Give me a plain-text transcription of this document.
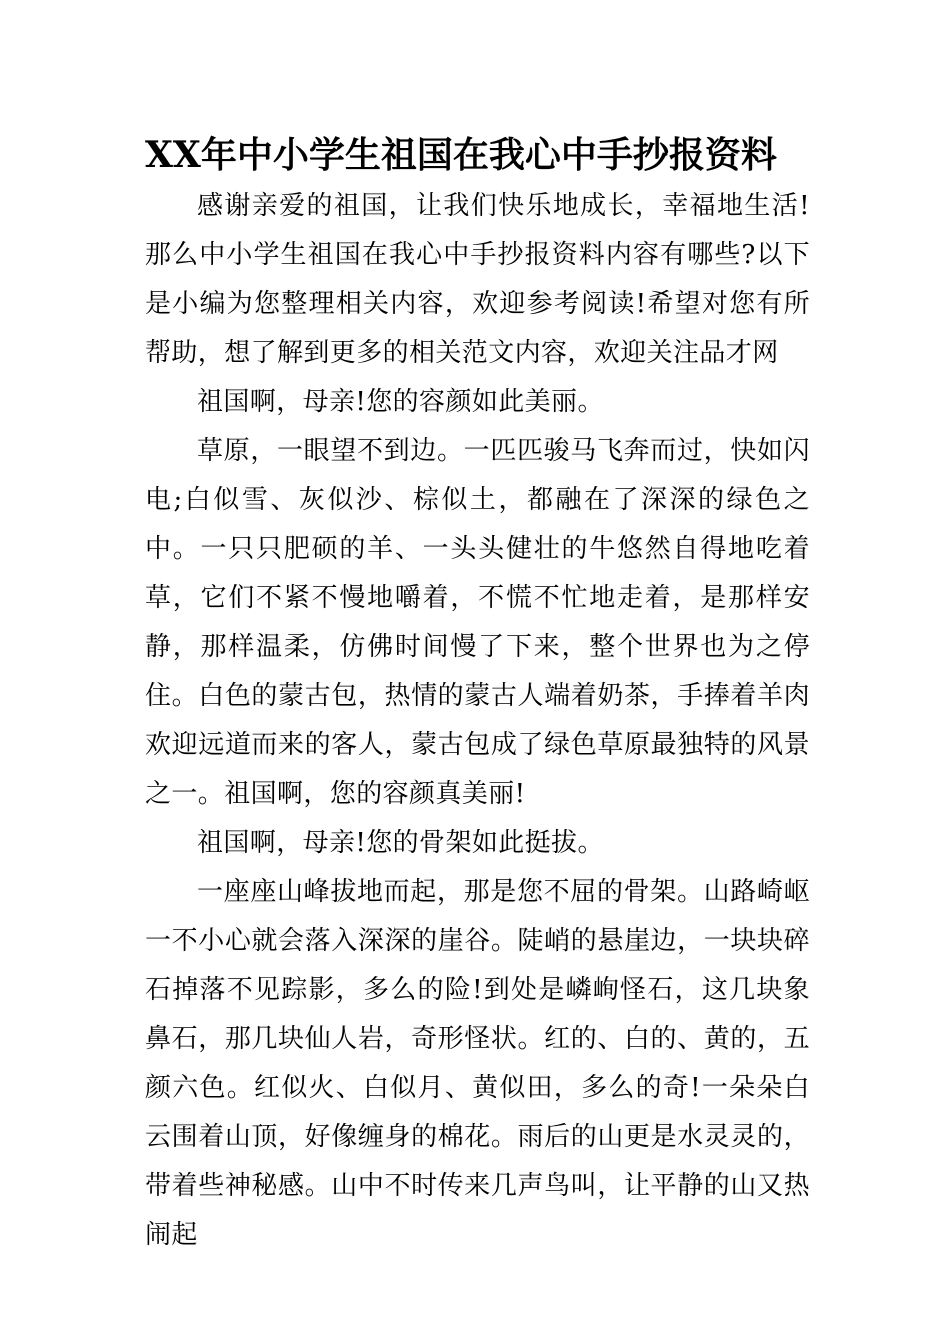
XX年中小学生祖国在我心中手抄报资料

感谢亲爱的祖国，让我们快乐地成长，幸福地生活!那么中小学生祖国在我心中手抄报资料内容有哪些?以下是小编为您整理相关内容，欢迎参考阅读!希望对您有所帮助，想了解到更多的相关范文内容，欢迎关注品才网

祖国啊，母亲!您的容颜如此美丽。

草原，一眼望不到边。一匹匹骏马飞奔而过，快如闪电;白似雪、灰似沙、棕似土，都融在了深深的绿色之中。一只只肥硕的羊、一头头健壮的牛悠然自得地吃着草，它们不紧不慢地嚼着，不慌不忙地走着，是那样安静，那样温柔，仿佛时间慢了下来，整个世界也为之停住。白色的蒙古包，热情的蒙古人端着奶茶，手捧着羊肉欢迎远道而来的客人，蒙古包成了绿色草原最独特的风景之一。祖国啊，您的容颜真美丽!

祖国啊，母亲!您的骨架如此挺拔。

一座座山峰拔地而起，那是您不屈的骨架。山路崎岖一不小心就会落入深深的崖谷。陡峭的悬崖边，一块块碎石掉落不见踪影，多么的险!到处是嶙峋怪石，这几块象鼻石，那几块仙人岩，奇形怪状。红的、白的、黄的，五颜六色。红似火、白似月、黄似田，多么的奇!一朵朵白云围着山顶，好像缠身的棉花。雨后的山更是水灵灵的，带着些神秘感。山中不时传来几声鸟叫，让平静的山又热闹起
